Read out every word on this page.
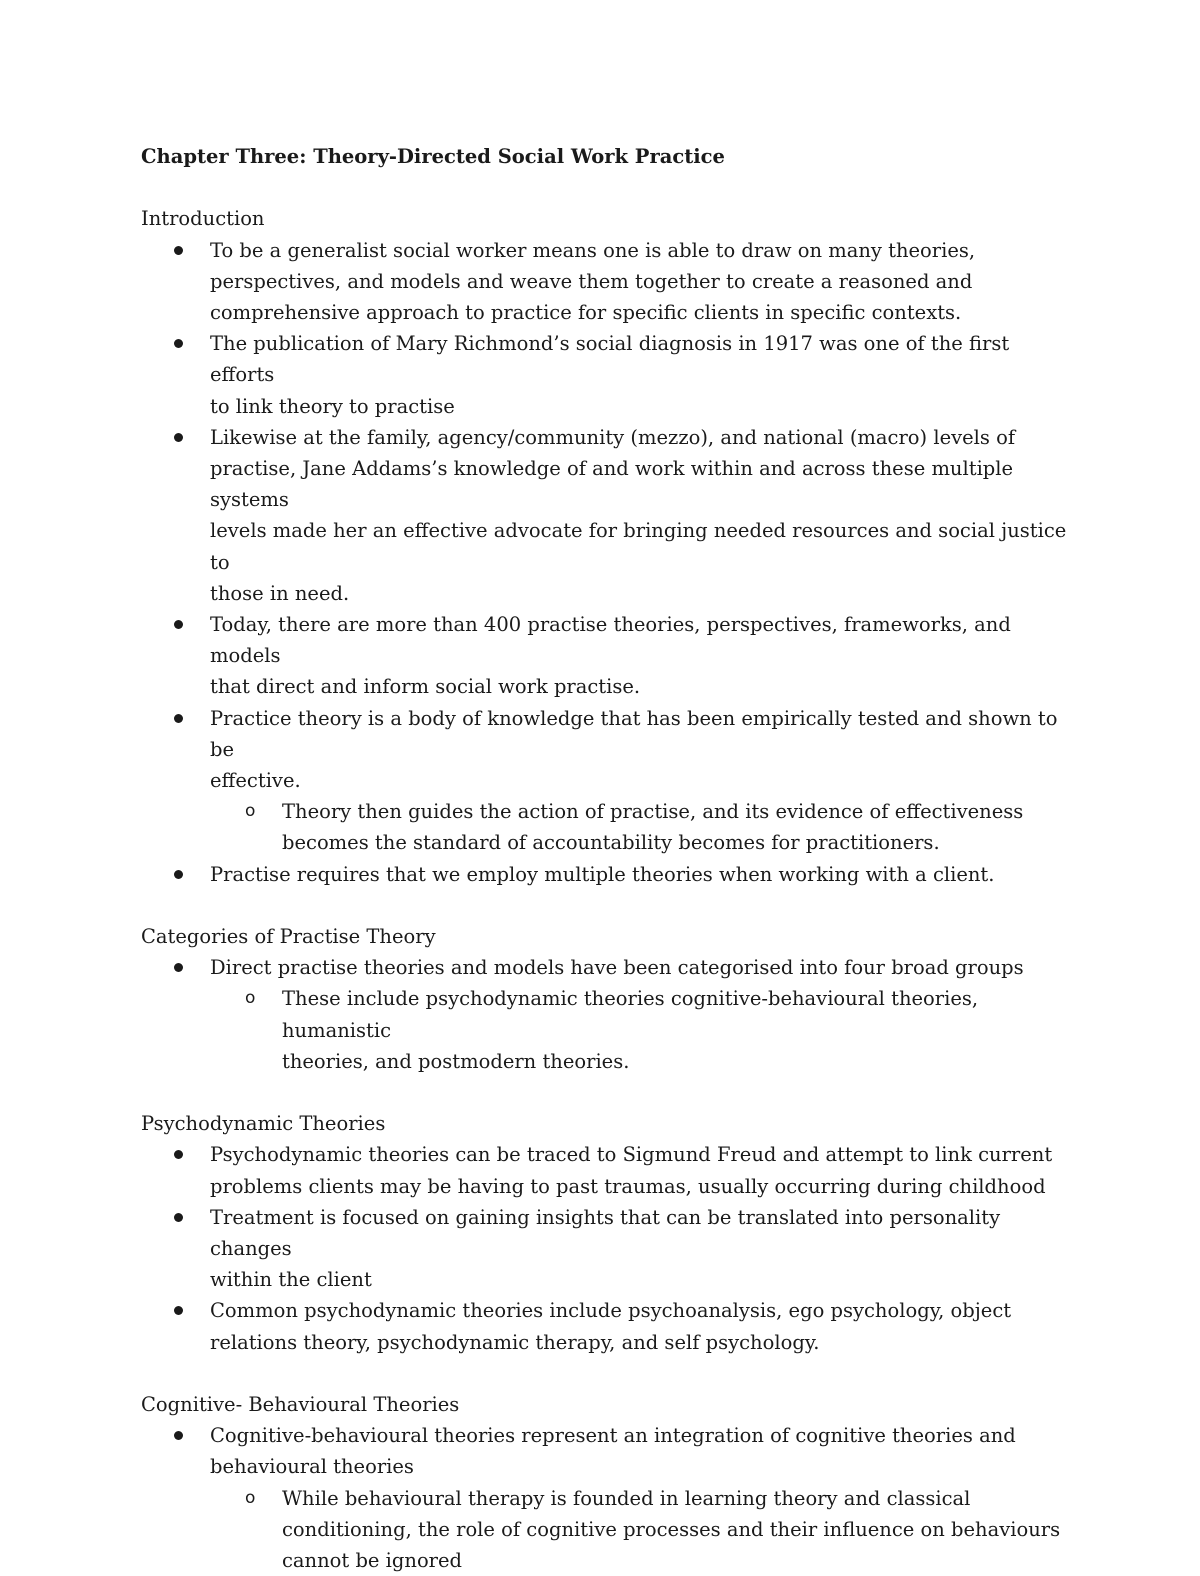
Chapter Three: Theory-Directed Social Work Practice
Introduction
To be a generalist social worker means one is able to draw on many theories,
perspectives, and models and weave them together to create a reasoned and
comprehensive approach to practice for specific clients in specific contexts.
The publication of Mary Richmond’s social diagnosis in 1917 was one of the first efforts
to link theory to practise
Likewise at the family, agency/community (mezzo), and national (macro) levels of
practise, Jane Addams’s knowledge of and work within and across these multiple systems
levels made her an effective advocate for bringing needed resources and social justice to
those in need.
Today, there are more than 400 practise theories, perspectives, frameworks, and models
that direct and inform social work practise.
Practice theory is a body of knowledge that has been empirically tested and shown to be
effective.
o Theory then guides the action of practise, and its evidence of effectiveness
becomes the standard of accountability becomes for practitioners.
Practise requires that we employ multiple theories when working with a client.
Categories of Practise Theory
Direct practise theories and models have been categorised into four broad groups
o These include psychodynamic theories cognitive-behavioural theories, humanistic
theories, and postmodern theories.
Psychodynamic Theories
Psychodynamic theories can be traced to Sigmund Freud and attempt to link current
problems clients may be having to past traumas, usually occurring during childhood
Treatment is focused on gaining insights that can be translated into personality changes
within the client
Common psychodynamic theories include psychoanalysis, ego psychology, object
relations theory, psychodynamic therapy, and self psychology.
Cognitive- Behavioural Theories
Cognitive-behavioural theories represent an integration of cognitive theories and
behavioural theories
o While behavioural therapy is founded in learning theory and classical
conditioning, the role of cognitive processes and their influence on behaviours
cannot be ignored
